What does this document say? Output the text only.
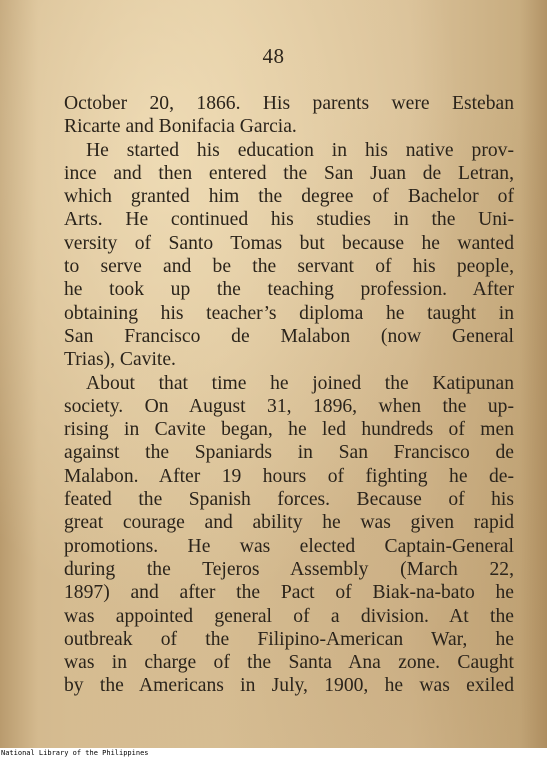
48
October 20, 1866. His parents were Esteban
Ricarte and Bonifacia Garcia.
He started his education in his native prov-
ince and then entered the San Juan de Letran,
which granted him the degree of Bachelor of
Arts. He continued his studies in the Uni-
versity of Santo Tomas but because he wanted
to serve and be the servant of his people,
he took up the teaching profession. After
obtaining his teacher’s diploma he taught in
San Francisco de Malabon (now General
Trias), Cavite.
About that time he joined the Katipunan
society. On August 31, 1896, when the up-
rising in Cavite began, he led hundreds of men
against the Spaniards in San Francisco de
Malabon. After 19 hours of fighting he de-
feated the Spanish forces. Because of his
great courage and ability he was given rapid
promotions. He was elected Captain-General
during the Tejeros Assembly (March 22,
1897) and after the Pact of Biak-na-bato he
was appointed general of a division. At the
outbreak of the Filipino-American War, he
was in charge of the Santa Ana zone. Caught
by the Americans in July, 1900, he was exiled
National Library of the Philippines
